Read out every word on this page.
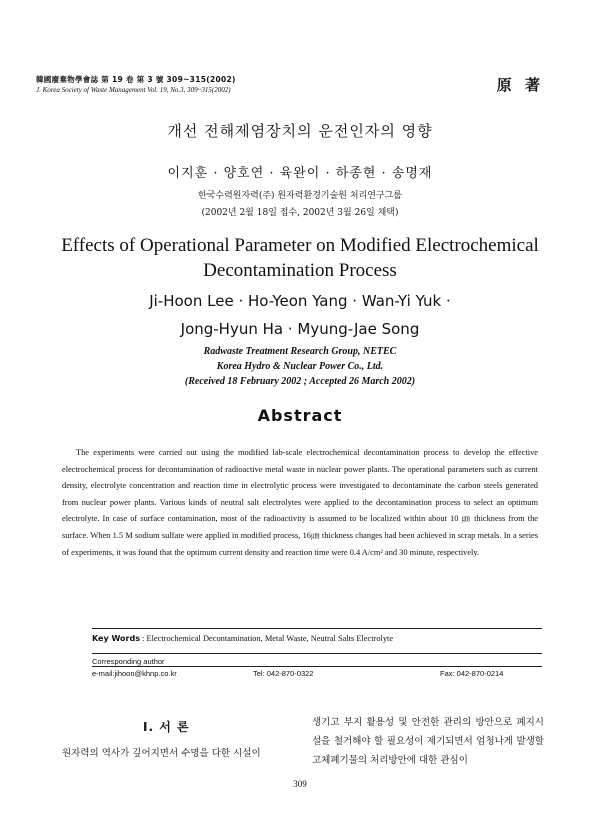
韓國廢棄物學會誌 第 19 卷 第 3 號 309~315(2002)
J. Korea Society of Waste Management Vol. 19, No.3, 309~315(2002)	原 著
개선 전해제염장치의 운전인자의 영향
이지훈 · 양호연 · 육완이 · 하종현 · 송명재
한국수력원자력(주) 원자력환경기술원 처리연구그룹
(2002년 2월 18일 접수, 2002년 3월 26일 채택)
Effects of Operational Parameter on Modified Electrochemical
Decontamination Process
Ji-Hoon Lee · Ho-Yeon Yang · Wan-Yi Yuk ·
Jong-Hyun Ha · Myung-Jae Song
Radwaste Treatment Research Group, NETEC
Korea Hydro & Nuclear Power Co., Ltd.
(Received 18 February 2002 ; Accepted 26 March 2002)
Abstract
The experiments were carried out using the modified lab-scale electrochemical decontamination process to develop the effective electrochemical process for decontamination of radioactive metal waste in nuclear power plants. The operational parameters such as current density, electrolyte concentration and reaction time in electrolytic process were investigated to decontaminate the carbon steels generated from nuclear power plants. Various kinds of neutral salt electrolytes were applied to the decontamination process to select an optimum electrolyte. In case of surface contamination, most of the radioactivity is assumed to be localized within about 10 ㎛ thickness from the surface. When 1.5 M sodium sulfate were applied in modified process, 16㎛ thickness changes had been achieved in scrap metals. In a series of experiments, it was found that the optimum current density and reaction time were 0.4 A/cm² and 30 minute, respectively.
Key Words : Electrochemical Decontamination, Metal Waste, Neutral Salts Electrolyte
Corresponding author
e-mail:jihoon@khnp.co.kr	Tel: 042-870-0322	Fax: 042-870-0214
Ⅰ. 서 론
원자력의 역사가 깊어지면서 수명을 다한 시설이
생기고 부지 활용성 및 안전한 관리의 방안으로 폐지시설을 철거해야 할 필요성이 제기되면서 엄청나게 발생할 고체폐기물의 처리방안에 대한 관심이
309
